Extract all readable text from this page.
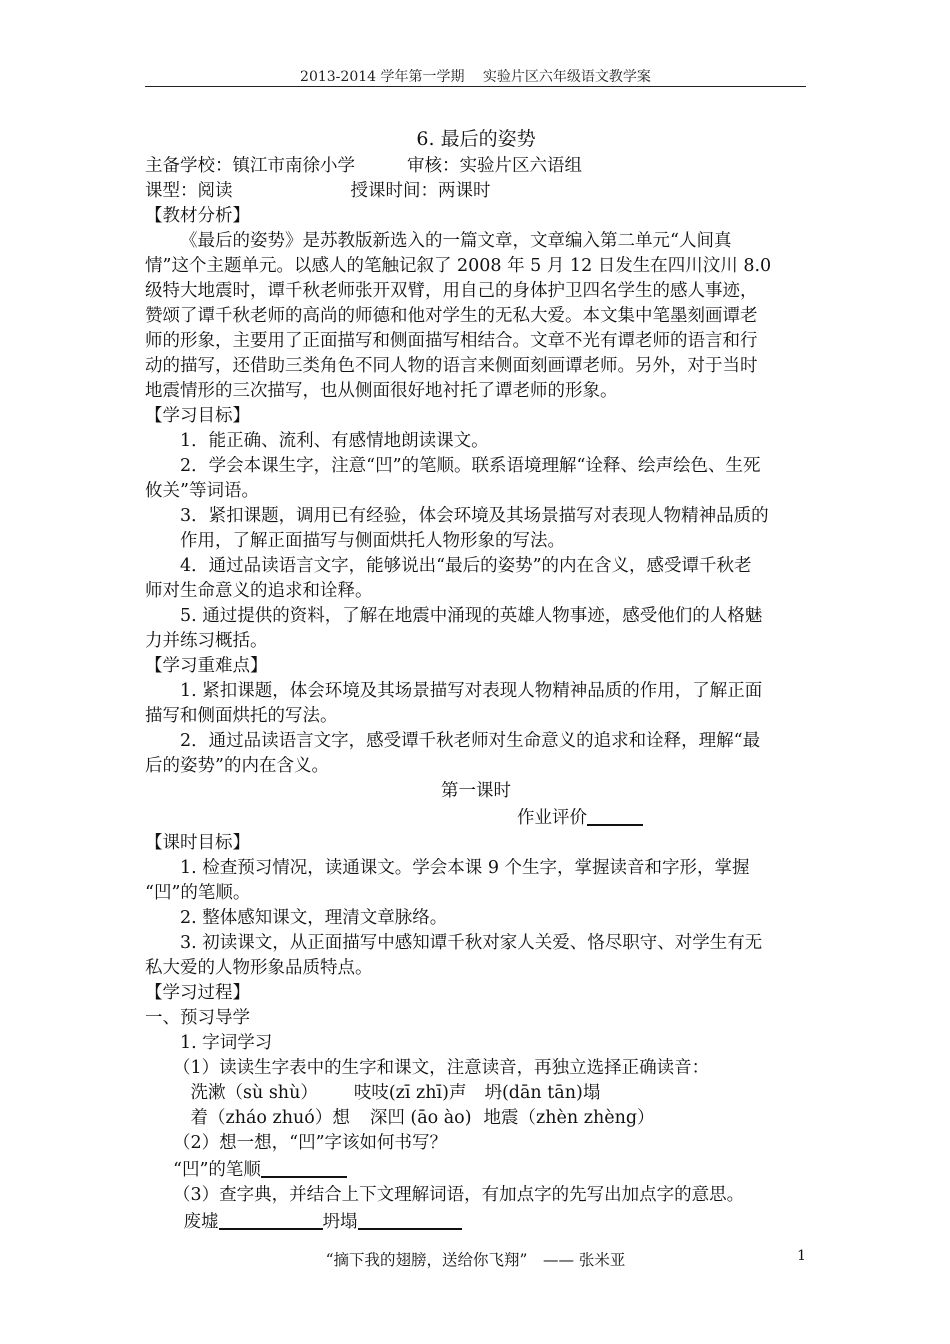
2013-2014 学年第一学期　 实验片区六年级语文教学案
6. 最后的姿势
主备学校：镇江市南徐小学	审核：实验片区六语组
课型：阅读	授课时间：两课时
【教材分析】
《最后的姿势》是苏教版新选入的一篇文章，文章编入第二单元“人间真
情”这个主题单元。以感人的笔触记叙了 2008 年 5 月 12 日发生在四川汶川 8.0
级特大地震时，谭千秋老师张开双臂，用自己的身体护卫四名学生的感人事迹，
赞颂了谭千秋老师的高尚的师德和他对学生的无私大爱。本文集中笔墨刻画谭老
师的形象，主要用了正面描写和侧面描写相结合。文章不光有谭老师的语言和行
动的描写，还借助三类角色不同人物的语言来侧面刻画谭老师。另外，对于当时
地震情形的三次描写，也从侧面很好地衬托了谭老师的形象。
【学习目标】
1．能正确、流利、有感情地朗读课文。
2．学会本课生字，注意“凹”的笔顺。联系语境理解“诠释、绘声绘色、生死
攸关”等词语。
3．紧扣课题，调用已有经验，体会环境及其场景描写对表现人物精神品质的
作用，了解正面描写与侧面烘托人物形象的写法。
4．通过品读语言文字，能够说出“最后的姿势”的内在含义，感受谭千秋老
师对生命意义的追求和诠释。
5. 通过提供的资料，了解在地震中涌现的英雄人物事迹，感受他们的人格魅
力并练习概括。
【学习重难点】
1. 紧扣课题，体会环境及其场景描写对表现人物精神品质的作用，了解正面
描写和侧面烘托的写法。
2．通过品读语言文字，感受谭千秋老师对生命意义的追求和诠释，理解“最
后的姿势”的内在含义。
第一课时
作业评价
【课时目标】
1. 检查预习情况，读通课文。学会本课 9 个生字，掌握读音和字形，掌握
“凹”的笔顺。
2. 整体感知课文，理清文章脉络。
3. 初读课文，从正面描写中感知谭千秋对家人关爱、恪尽职守、对学生有无
私大爱的人物形象品质特点。
【学习过程】
一、预习导学
1. 字词学习
（1）读读生字表中的生字和课文，注意读音，再独立选择正确读音：
洗漱（sù shù） 吱吱(zī zhī)声 坍(dān tān)塌
着（zháo zhuó）想 深凹 (āo ào) 地震（zhèn zhèng）
（2）想一想，“凹”字该如何书写？
“凹”的笔顺
（3）查字典，并结合上下文理解词语，有加点字的先写出加点字的意思。
废墟	坍塌
“摘下我的翅膀，送给你飞翔”　—— 张米亚	1
